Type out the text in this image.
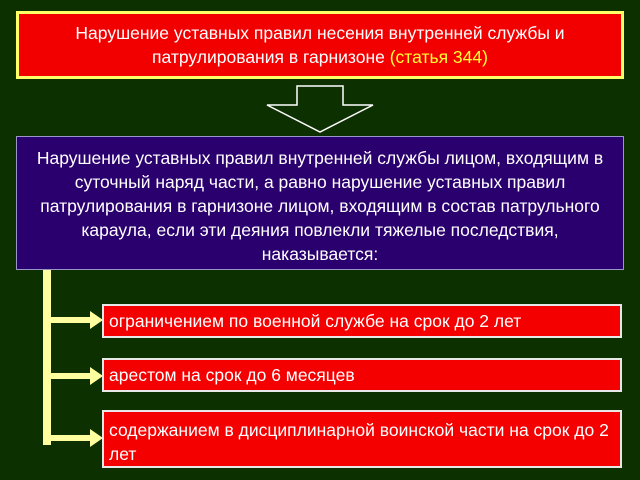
Нарушение уставных правил несения внутренней службы и патрулирования в гарнизоне (статья 344)
Нарушение уставных правил внутренней службы лицом, входящим в суточный наряд части, а равно нарушение уставных правил патрулирования в гарнизоне лицом, входящим в состав патрульного караула, если эти деяния повлекли тяжелые последствия, наказывается:
ограничением по военной службе на срок до 2 лет
арестом на срок до 6 месяцев
содержанием в дисциплинарной воинской части на срок до 2 лет
